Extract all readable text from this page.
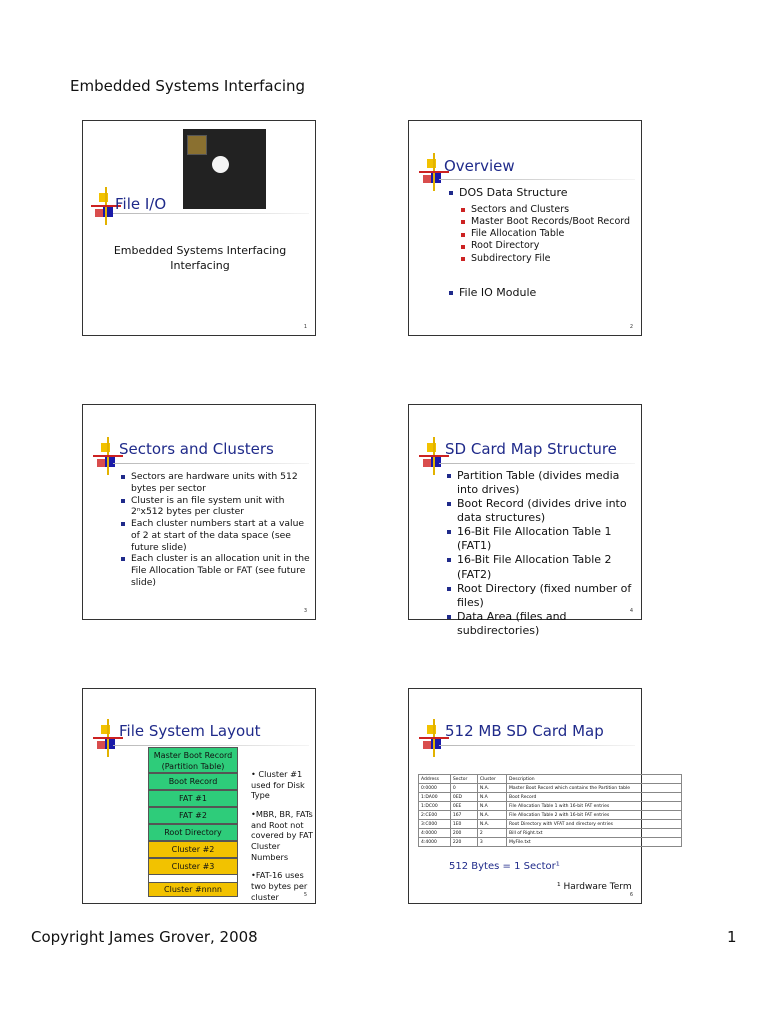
Embedded Systems Interfacing
File I/O
Embedded Systems Interfacing
Interfacing
1
Overview
DOS Data Structure
Sectors and Clusters
Master Boot Records/Boot Record
File Allocation Table
Root Directory
Subdirectory File
File IO Module
2
Sectors and Clusters
Sectors are hardware units with 512 bytes per sector
Cluster is an file system unit with 2ⁿx512 bytes per cluster
Each cluster numbers start at a value of 2 at start of the data space (see future slide)
Each cluster is an allocation unit in the File Allocation Table or FAT (see future slide)
3
SD Card Map Structure
Partition Table (divides media into drives)
Boot Record (divides drive into data structures)
16-Bit File Allocation Table 1 (FAT1)
16-Bit File Allocation Table 2 (FAT2)
Root Directory (fixed number of files)
Data Area (files and subdirectories)
4
File System Layout
Master Boot Record (Partition Table)
Boot Record
FAT #1
FAT #2
Root Directory
Cluster #2
Cluster #3
Cluster #nnnn
• Cluster #1 used for Disk Type
•MBR, BR, FATs and Root not covered by FAT Cluster Numbers
•FAT-16 uses two bytes per cluster	5
512 MB SD Card Map
Address	Sector	Cluster	Description
0:0000	0	N.A.	Master Boot Record which contains the Partition table
1:DA00	0ED	N.A	Boot Record
1:DC00	0EE	N.A	File Allocation Table 1 with 16-bit FAT entries
2:CE00	167	N.A.	File Allocation Table 2 with 16-bit FAT entries
3:C000	1E0	N.A.	Root Directory with VFAT and directory entries
4:0000	200	2	Bill of Right.txt
4:4000	220	3	MyFile.txt
512 Bytes = 1 Sector¹
¹ Hardware Term
6
Copyright James Grover, 2008	1
